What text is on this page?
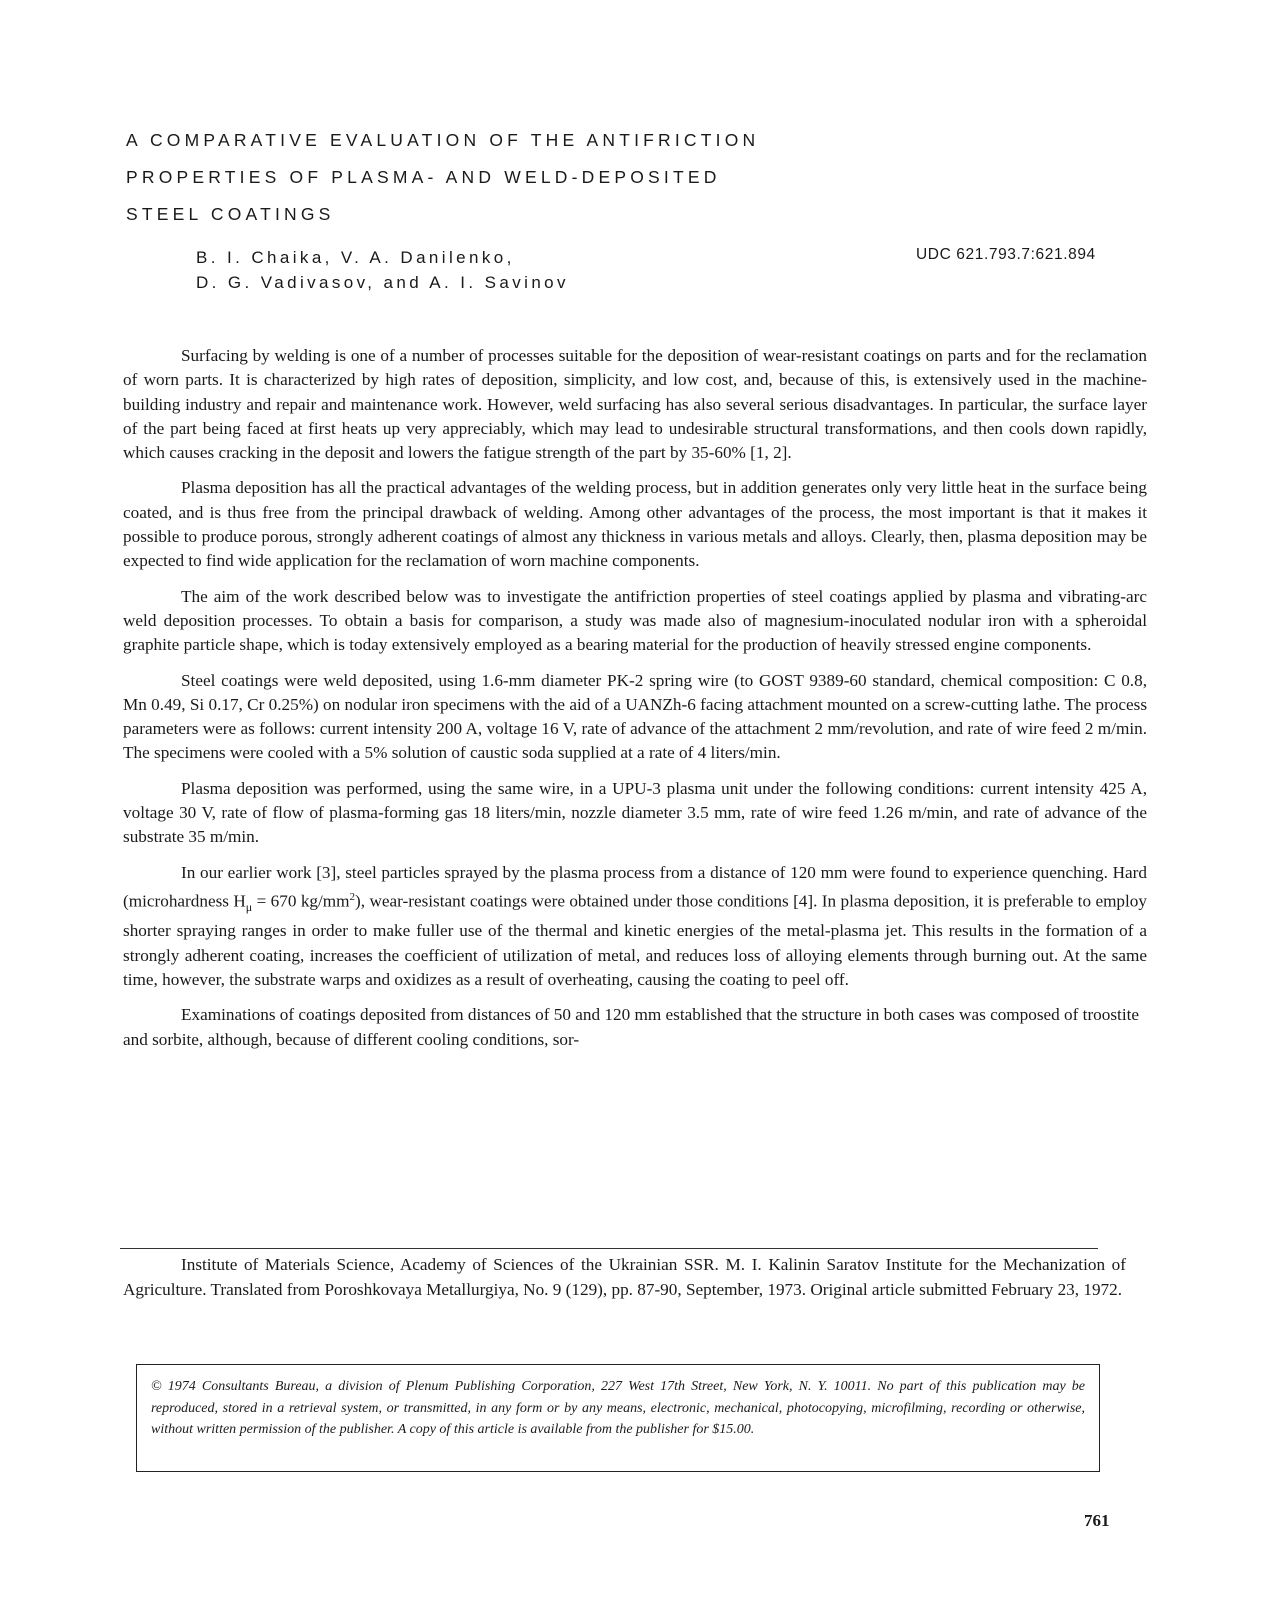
A COMPARATIVE EVALUATION OF THE ANTIFRICTION
PROPERTIES OF PLASMA- AND WELD-DEPOSITED
STEEL COATINGS
B. I. Chaika, V. A. Danilenko,
D. G. Vadivasov, and A. I. Savinov
UDC 621.793.7:621.894

Surfacing by welding is one of a number of processes suitable for the deposition of wear-resistant coatings on parts and for the reclamation of worn parts. It is characterized by high rates of deposition, simplicity, and low cost, and, because of this, is extensively used in the machine-building industry and repair and maintenance work. However, weld surfacing has also several serious disadvantages. In particular, the surface layer of the part being faced at first heats up very appreciably, which may lead to undesirable structural transformations, and then cools down rapidly, which causes cracking in the deposit and lowers the fatigue strength of the part by 35-60% [1, 2].

Plasma deposition has all the practical advantages of the welding process, but in addition generates only very little heat in the surface being coated, and is thus free from the principal drawback of welding. Among other advantages of the process, the most important is that it makes it possible to produce porous, strongly adherent coatings of almost any thickness in various metals and alloys. Clearly, then, plasma deposition may be expected to find wide application for the reclamation of worn machine components.

The aim of the work described below was to investigate the antifriction properties of steel coatings applied by plasma and vibrating-arc weld deposition processes. To obtain a basis for comparison, a study was made also of magnesium-inoculated nodular iron with a spheroidal graphite particle shape, which is today extensively employed as a bearing material for the production of heavily stressed engine components.

Steel coatings were weld deposited, using 1.6-mm diameter PK-2 spring wire (to GOST 9389-60 standard, chemical composition: C 0.8, Mn 0.49, Si 0.17, Cr 0.25%) on nodular iron specimens with the aid of a UANZh-6 facing attachment mounted on a screw-cutting lathe. The process parameters were as follows: current intensity 200 A, voltage 16 V, rate of advance of the attachment 2 mm/revolution, and rate of wire feed 2 m/min. The specimens were cooled with a 5% solution of caustic soda supplied at a rate of 4 liters/min.

Plasma deposition was performed, using the same wire, in a UPU-3 plasma unit under the following conditions: current intensity 425 A, voltage 30 V, rate of flow of plasma-forming gas 18 liters/min, nozzle diameter 3.5 mm, rate of wire feed 1.26 m/min, and rate of advance of the substrate 35 m/min.

In our earlier work [3], steel particles sprayed by the plasma process from a distance of 120 mm were found to experience quenching. Hard (microhardness $H_\mu = 670$ $kg/mm^2$), wear-resistant coatings were obtained under those conditions [4]. In plasma deposition, it is preferable to employ shorter spraying ranges in order to make fuller use of the thermal and kinetic energies of the metal-plasma jet. This results in the formation of a strongly adherent coating, increases the coefficient of utilization of metal, and reduces loss of alloying elements through burning out. At the same time, however, the substrate warps and oxidizes as a result of overheating, causing the coating to peel off.

Examinations of coatings deposited from distances of 50 and 120 mm established that the structure in both cases was composed of troostite and sorbite, although, because of different cooling conditions, sor-

Institute of Materials Science, Academy of Sciences of the Ukrainian SSR. M. I. Kalinin Saratov Institute for the Mechanization of Agriculture. Translated from Poroshkovaya Metallurgiya, No. 9 (129), pp. 87-90, September, 1973. Original article submitted February 23, 1972.
© 1974 Consultants Bureau, a division of Plenum Publishing Corporation, 227 West 17th Street, New York, N. Y. 10011. No part of this publication may be reproduced, stored in a retrieval system, or transmitted, in any form or by any means, electronic, mechanical, photocopying, microfilming, recording or otherwise, without written permission of the publisher. A copy of this article is available from the publisher for $15.00.
761
